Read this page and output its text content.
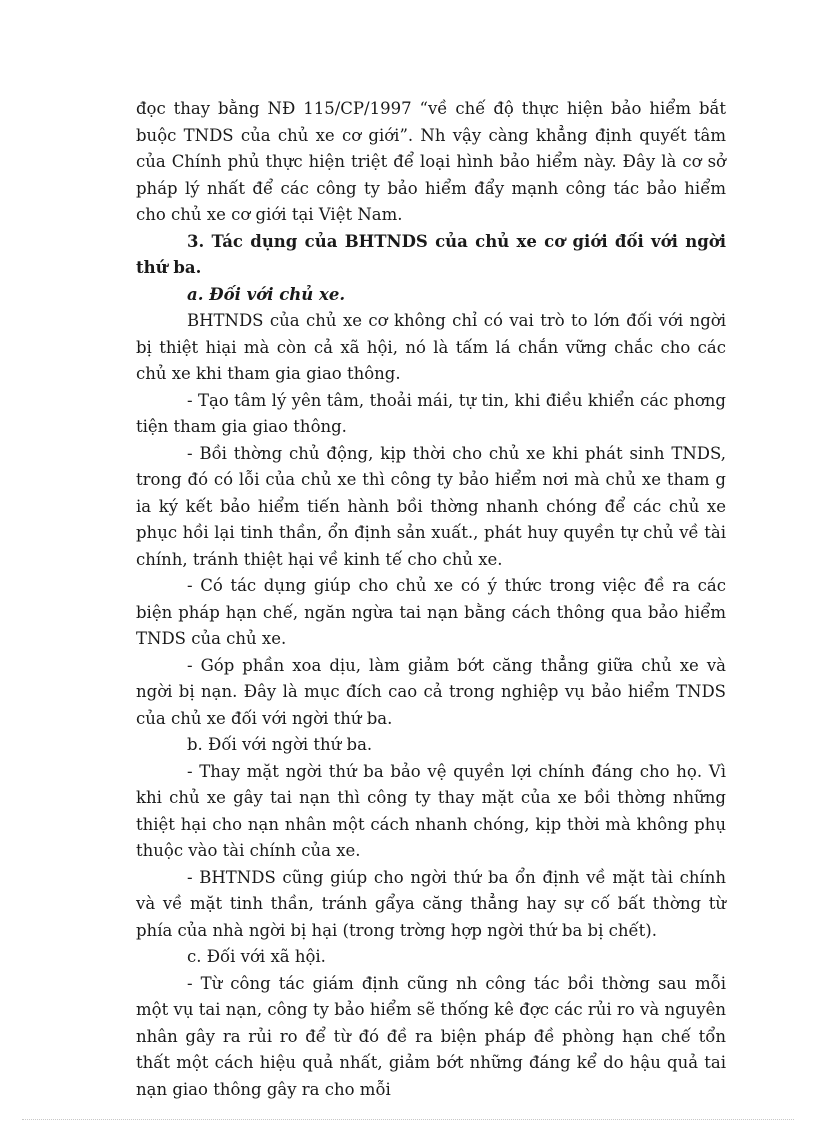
đọc thay bằng NĐ 115/CP/1997 “về chế độ thực hiện bảo hiểm bắt buộc TNDS của chủ xe cơ giới”. Nh vậy càng khẳng định quyết tâm của Chính phủ thực hiện triệt để loại hình bảo hiểm này. Đây là cơ sở pháp lý nhất để các công ty bảo hiểm đẩy mạnh công tác bảo hiểm cho chủ xe cơ giới tại Việt Nam.

3. Tác dụng của BHTNDS của chủ xe cơ giới đối với ngời thứ ba.

a. Đối với chủ xe.

BHTNDS của chủ xe cơ không chỉ có vai trò to lớn đối với ngời bị thiệt hiại mà còn cả xã hội, nó là tấm lá chắn vững chắc cho các chủ xe khi tham gia giao thông.

- Tạo tâm lý yên tâm, thoải mái, tự tin, khi điều khiển các phơng tiện tham gia giao thông.

- Bồi thờng chủ động, kịp thời cho chủ xe khi phát sinh TNDS, trong đó có lỗi của chủ xe thì công ty bảo hiểm nơi mà chủ xe tham g ia ký kết bảo hiểm tiến hành bồi thờng nhanh chóng để các chủ xe phục hồi lại tinh thần, ổn định sản xuất., phát huy quyền tự chủ về tài chính, tránh thiệt hại về kinh tế cho chủ xe.

- Có tác dụng giúp cho chủ xe có ý thức trong việc đề ra các biện pháp hạn chế, ngăn ngừa tai nạn bằng cách thông qua bảo hiểm TNDS của chủ xe.

- Góp phần xoa dịu, làm giảm bớt căng thẳng giữa chủ xe và ngời bị nạn. Đây là mục đích cao cả trong nghiệp vụ bảo hiểm TNDS của chủ xe đối với ngời thứ ba.

b. Đối với ngời thứ ba.

- Thay mặt ngời thứ ba bảo vệ quyền lợi chính đáng cho họ. Vì khi chủ xe gây tai nạn thì công ty thay mặt của xe bồi thờng những thiệt hại cho nạn nhân một cách nhanh chóng, kịp thời mà không phụ thuộc vào tài chính của xe.

- BHTNDS cũng giúp cho ngời thứ ba ổn định về mặt tài chính và về mặt tinh thần, tránh gẩya căng thẳng hay sự cố bất thờng từ phía của nhà ngời bị hại (trong trờng hợp ngời thứ ba bị chết).

c. Đối với xã hội.

- Từ công tác giám định cũng nh công tác bồi thờng sau mỗi một vụ tai nạn, công ty bảo hiểm sẽ thống kê đợc các rủi ro và nguyên nhân gây ra rủi ro để từ đó đề ra biện pháp đề phòng hạn chế tổn thất một cách hiệu quả nhất, giảm bớt những đáng kể do hậu quả tai nạn giao thông gây ra cho mỗi
